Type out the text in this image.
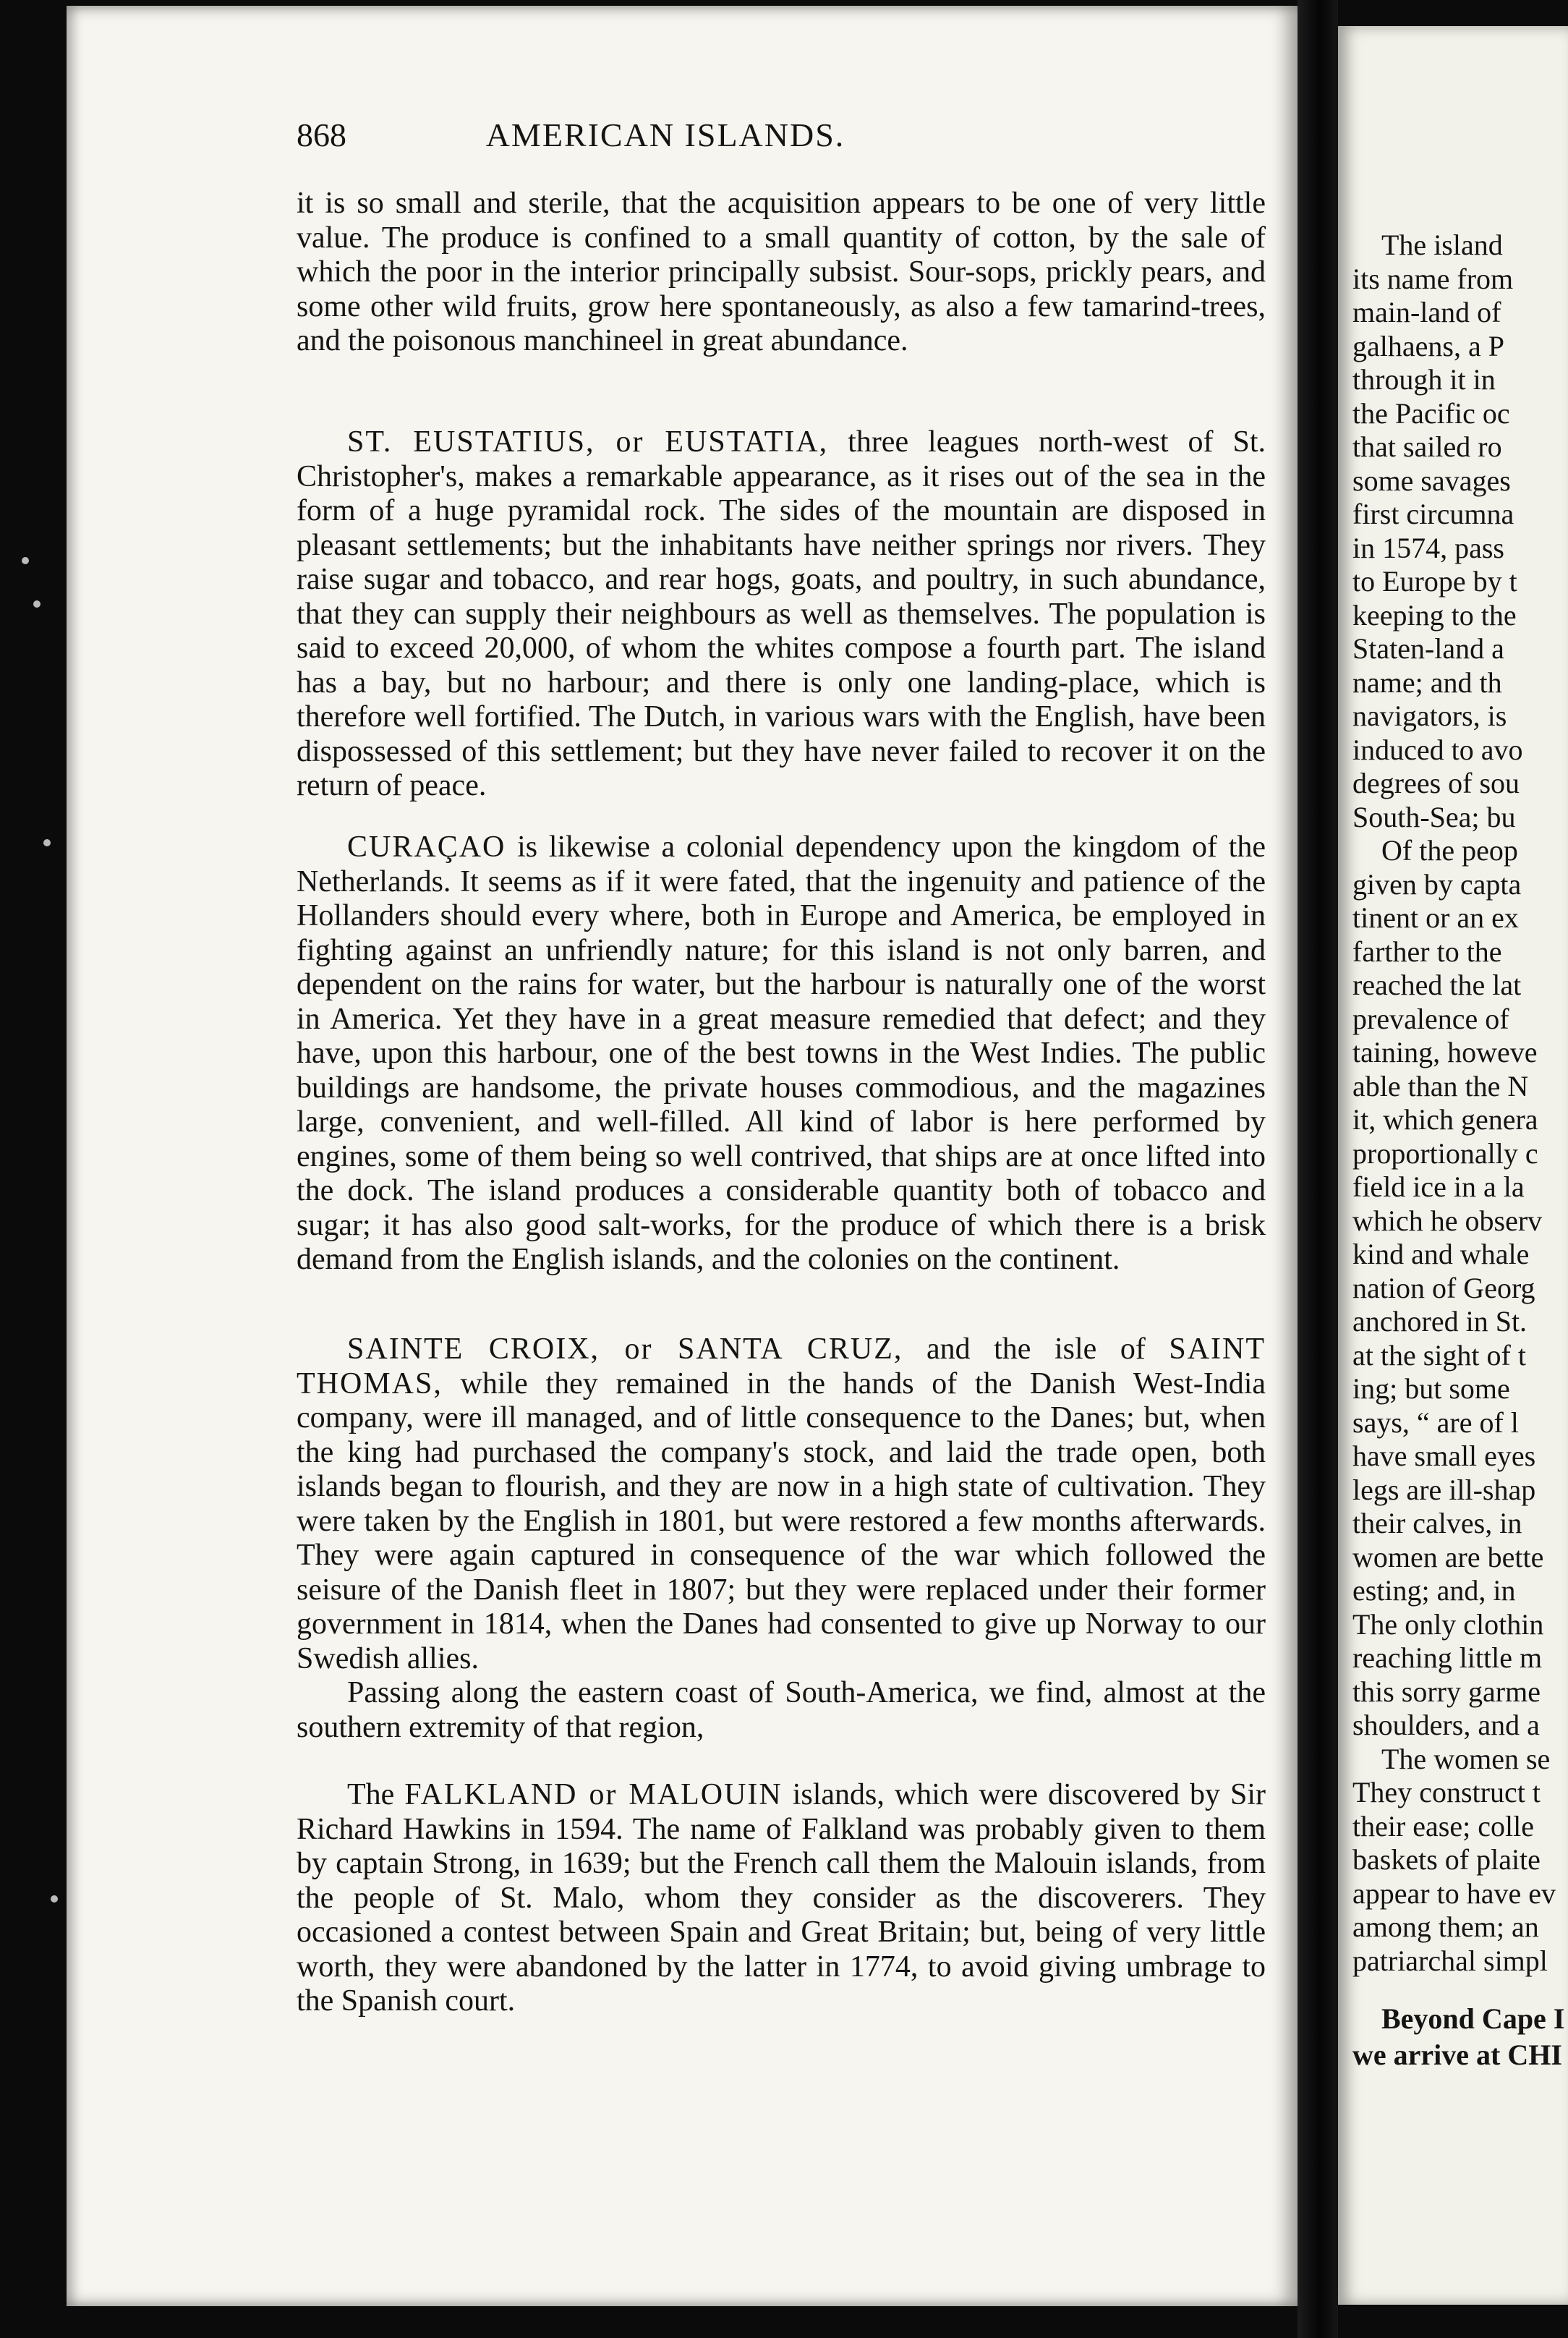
868	AMERICAN ISLANDS.

it is so small and sterile, that the acquisition appears to be one of very little value. The produce is confined to a small quantity of cotton, by the sale of which the poor in the interior principally subsist. Sour-sops, prickly pears, and some other wild fruits, grow here spontaneously, as also a few tamarind-trees, and the poisonous manchineel in great abundance.

ST. EUSTATIUS, or EUSTATIA, three leagues north-west of St. Christopher's, makes a remarkable appearance, as it rises out of the sea in the form of a huge pyramidal rock. The sides of the mountain are disposed in pleasant settlements; but the inhabitants have neither springs nor rivers. They raise sugar and tobacco, and rear hogs, goats, and poultry, in such abundance, that they can supply their neighbours as well as themselves. The population is said to exceed 20,000, of whom the whites compose a fourth part. The island has a bay, but no harbour; and there is only one landing-place, which is therefore well fortified. The Dutch, in various wars with the English, have been dispossessed of this settlement; but they have never failed to recover it on the return of peace.

CURAÇAO is likewise a colonial dependency upon the kingdom of the Netherlands. It seems as if it were fated, that the ingenuity and patience of the Hollanders should every where, both in Europe and America, be employed in fighting against an unfriendly nature; for this island is not only barren, and dependent on the rains for water, but the harbour is naturally one of the worst in America. Yet they have in a great measure remedied that defect; and they have, upon this harbour, one of the best towns in the West Indies. The public buildings are handsome, the private houses commodious, and the magazines large, convenient, and well-filled. All kind of labor is here performed by engines, some of them being so well contrived, that ships are at once lifted into the dock. The island produces a considerable quantity both of tobacco and sugar; it has also good salt-works, for the produce of which there is a brisk demand from the English islands, and the colonies on the continent.

SAINTE CROIX, or SANTA CRUZ, and the isle of SAINT THOMAS, while they remained in the hands of the Danish West-India company, were ill managed, and of little consequence to the Danes; but, when the king had purchased the company's stock, and laid the trade open, both islands began to flourish, and they are now in a high state of cultivation. They were taken by the English in 1801, but were restored a few months afterwards. They were again captured in consequence of the war which followed the seisure of the Danish fleet in 1807; but they were replaced under their former government in 1814, when the Danes had consented to give up Norway to our Swedish allies.

Passing along the eastern coast of South-America, we find, almost at the southern extremity of that region,

The FALKLAND or MALOUIN islands, which were discovered by Sir Richard Hawkins in 1594. The name of Falkland was probably given to them by captain Strong, in 1639; but the French call them the Malouin islands, from the people of St. Malo, whom they consider as the discoverers. They occasioned a contest between Spain and Great Britain; but, being of very little worth, they were abandoned by the latter in 1774, to avoid giving umbrage to the Spanish court.

The island
its name from
main-land of
galhaens, a P
through it in
the Pacific oc
that sailed ro
some savages
first circumna
in 1574, pass
to Europe by t
keeping to the
Staten-land a
name; and th
navigators, is
induced to avo
degrees of sou
South-Sea; bu
Of the peop
given by capta
tinent or an ex
farther to the
reached the lat
prevalence of
taining, howeve
able than the N
it, which genera
proportionally c
field ice in a la
which he observ
kind and whale
nation of Georg
anchored in St.
at the sight of t
ing; but some
says, “ are of l
have small eyes
legs are ill-shap
their calves, in
women are bette
esting; and, in
The only clothin
reaching little m
this sorry garme
shoulders, and a
The women se
They construct t
their ease; colle
baskets of plaite
appear to have ev
among them; an
patriarchal simpl
Beyond Cape I
we arrive at CHI
